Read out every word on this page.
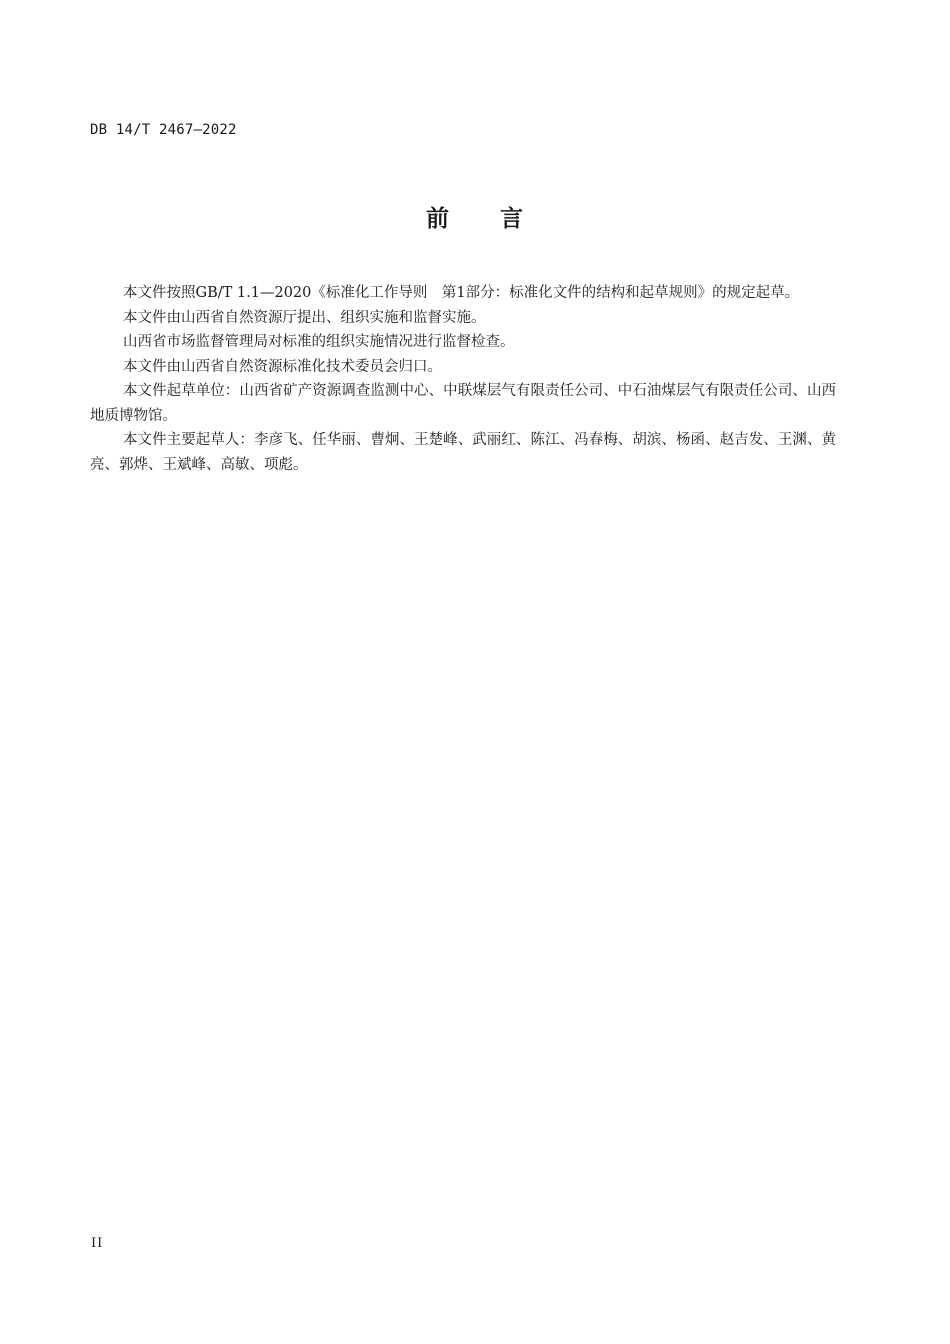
DB 14/T 2467—2022
前 言

本文件按照GB/T 1.1—2020《标准化工作导则　第1部分：标准化文件的结构和起草规则》的规定起草。

本文件由山西省自然资源厅提出、组织实施和监督实施。

山西省市场监督管理局对标准的组织实施情况进行监督检查。

本文件由山西省自然资源标准化技术委员会归口。

本文件起草单位：山西省矿产资源调查监测中心、中联煤层气有限责任公司、中石油煤层气有限责任公司、山西地质博物馆。

本文件主要起草人：李彦飞、任华丽、曹炯、王楚峰、武丽红、陈江、冯春梅、胡滨、杨函、赵吉发、王渊、黄亮、郭烨、王斌峰、高敏、项彪。

II
